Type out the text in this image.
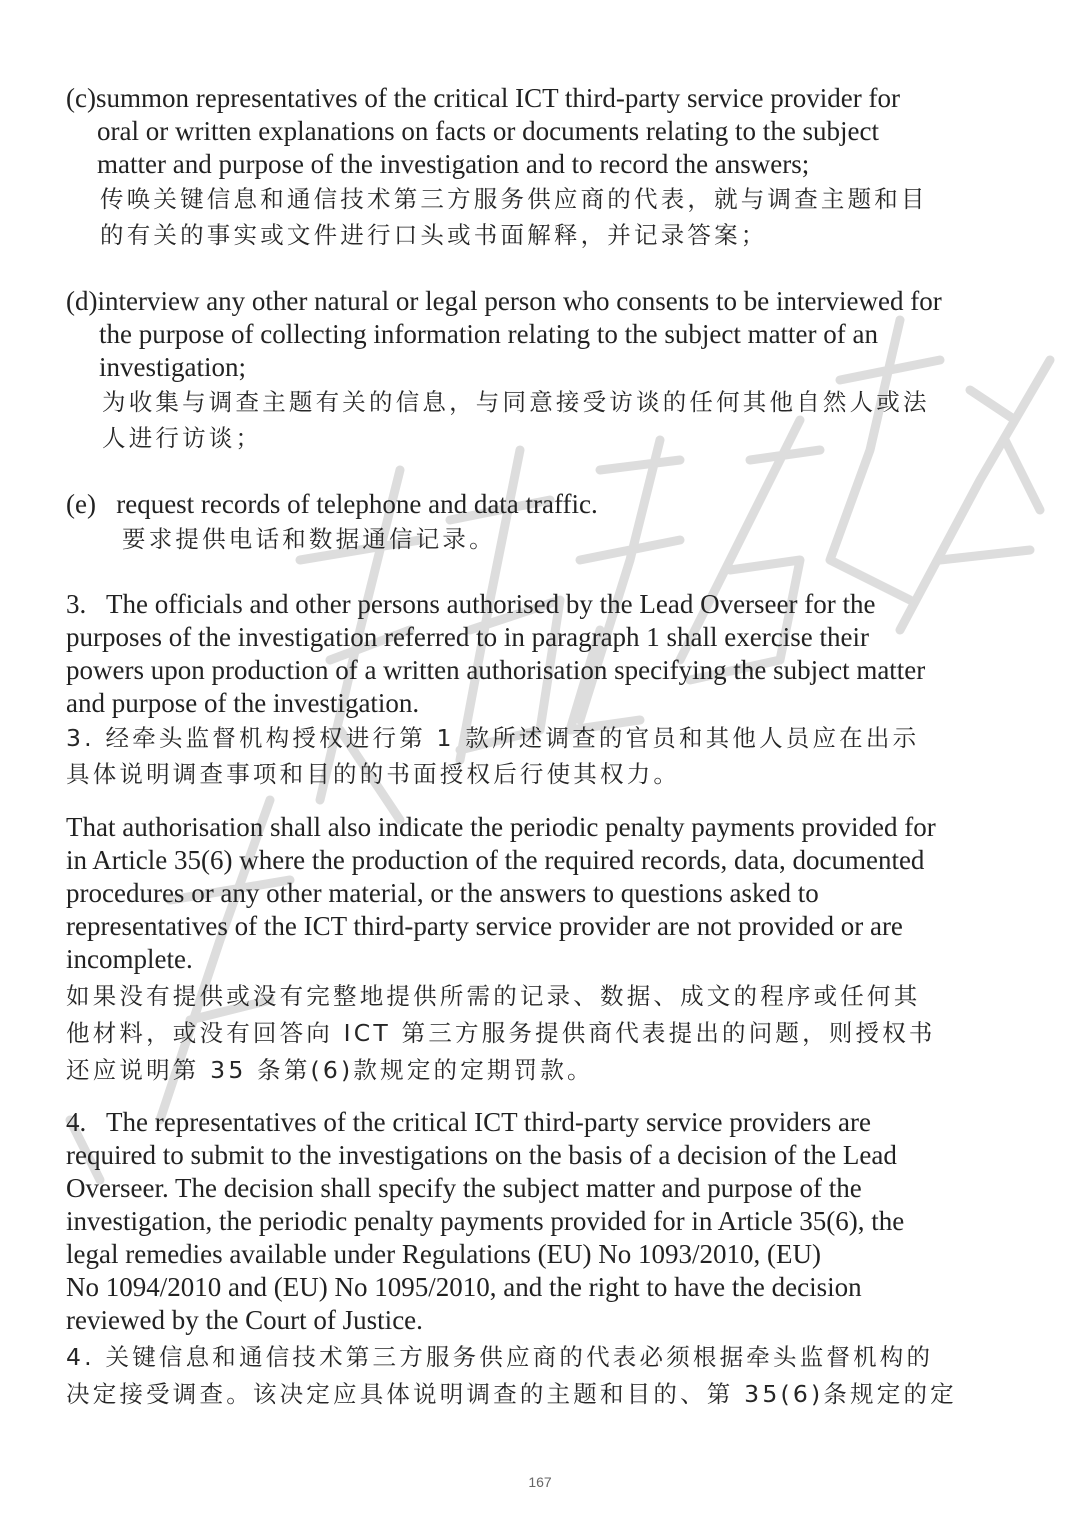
(c)summon representatives of the critical ICT third-party service provider for
oral or written explanations on facts or documents relating to the subject
matter and purpose of the investigation and to record the answers;
传唤关键信息和通信技术第三方服务供应商的代表，就与调查主题和目
的有关的事实或文件进行口头或书面解释，并记录答案；
(d)interview any other natural or legal person who consents to be interviewed for
the purpose of collecting information relating to the subject matter of an
investigation;
为收集与调查主题有关的信息，与同意接受访谈的任何其他自然人或法
人进行访谈；
(e)   request records of telephone and data traffic.
要求提供电话和数据通信记录。
3.   The officials and other persons authorised by the Lead Overseer for the
purposes of the investigation referred to in paragraph 1 shall exercise their
powers upon production of a written authorisation specifying the subject matter
and purpose of the investigation.
3. 经牵头监督机构授权进行第 1 款所述调查的官员和其他人员应在出示
具体说明调查事项和目的的书面授权后行使其权力。
That authorisation shall also indicate the periodic penalty payments provided for
in Article 35(6) where the production of the required records, data, documented
procedures or any other material, or the answers to questions asked to
representatives of the ICT third-party service provider are not provided or are
incomplete.
如果没有提供或没有完整地提供所需的记录、数据、成文的程序或任何其
他材料，或没有回答向 ICT 第三方服务提供商代表提出的问题，则授权书
还应说明第 35 条第(6)款规定的定期罚款。
4.   The representatives of the critical ICT third-party service providers are
required to submit to the investigations on the basis of a decision of the Lead
Overseer. The decision shall specify the subject matter and purpose of the
investigation, the periodic penalty payments provided for in Article 35(6), the
legal remedies available under Regulations (EU) No 1093/2010, (EU)
No 1094/2010 and (EU) No 1095/2010, and the right to have the decision
reviewed by the Court of Justice.
4. 关键信息和通信技术第三方服务供应商的代表必须根据牵头监督机构的
决定接受调查。该决定应具体说明调查的主题和目的、第 35(6)条规定的定
167
